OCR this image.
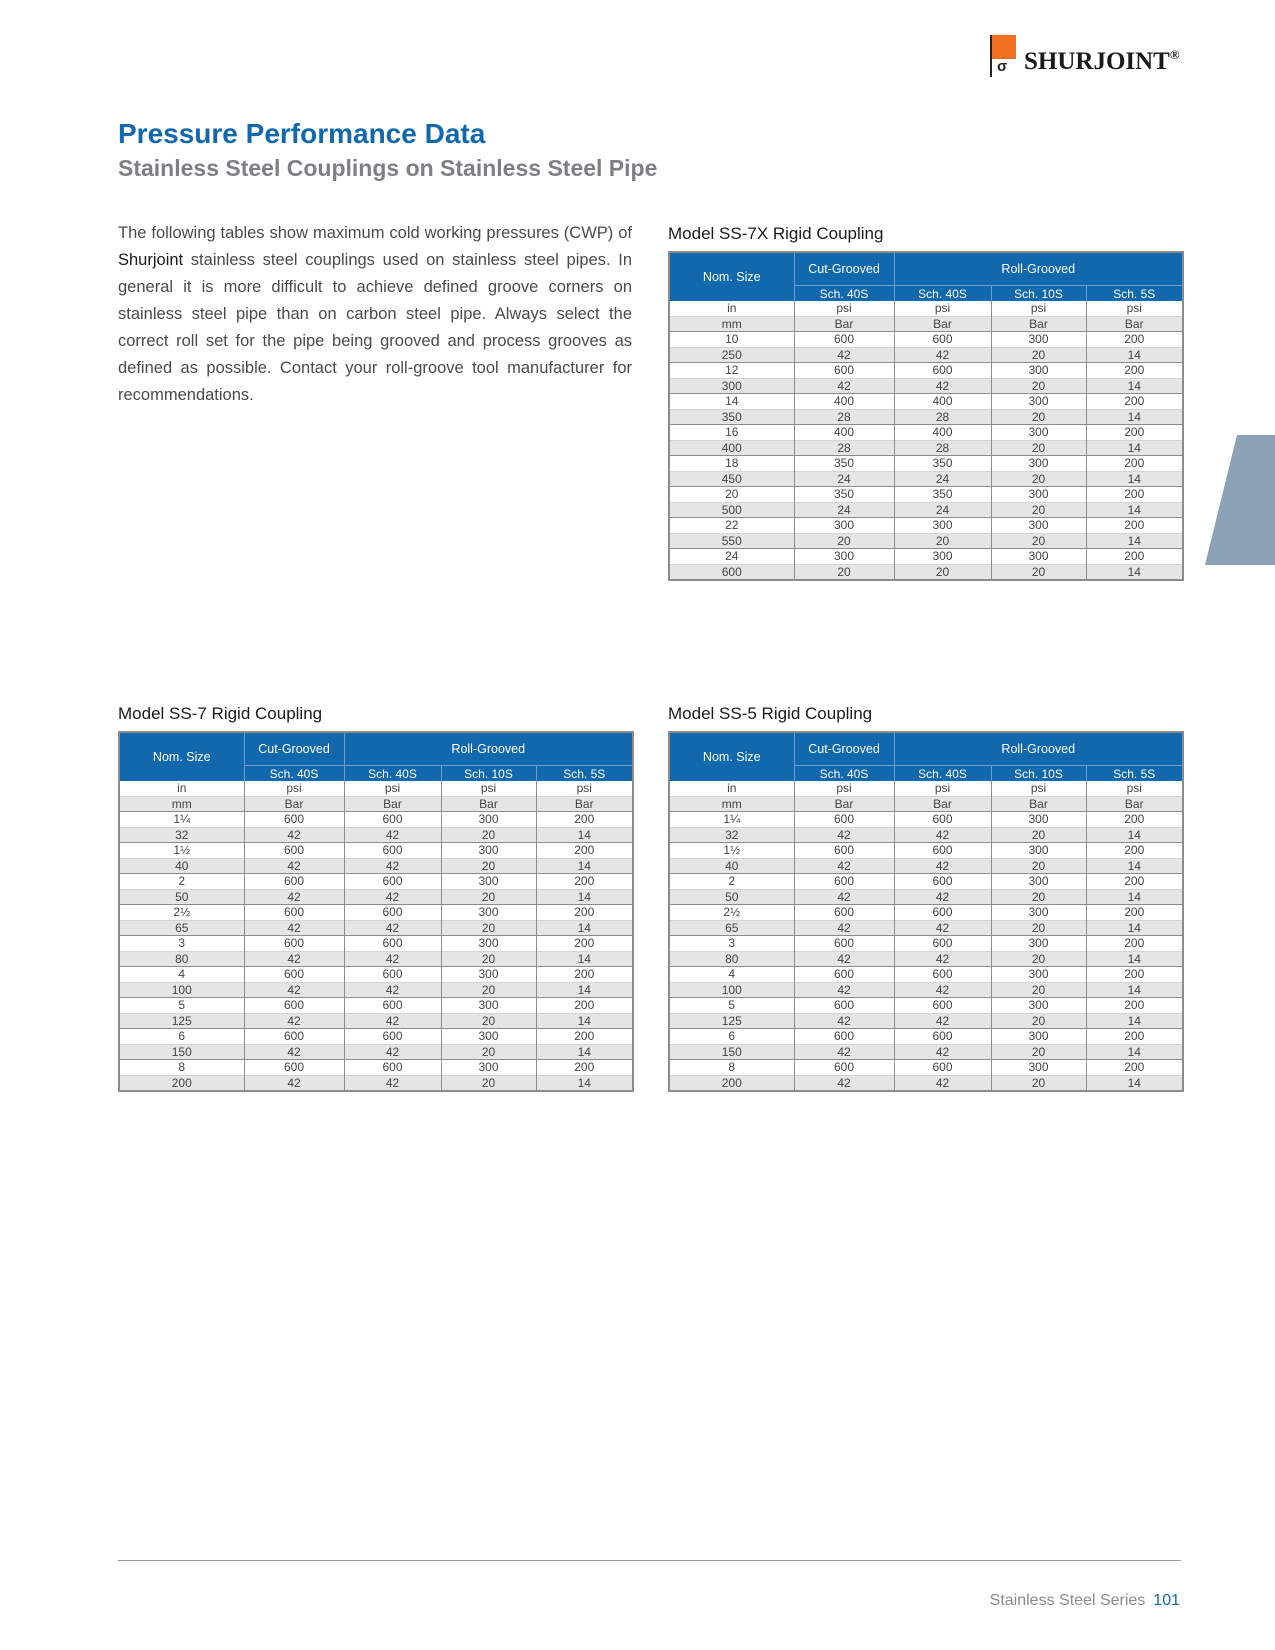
σ SHURJOINT®
Pressure Performance Data
Stainless Steel Couplings on Stainless Steel Pipe

The following tables show maximum cold working pressures (CWP) of Shurjoint stainless steel couplings used on stainless steel pipes. In general it is more difficult to achieve defined groove corners on stainless steel pipe than on carbon steel pipe. Always select the correct roll set for the pipe being grooved and process grooves as defined as possible. Contact your roll-groove tool manufacturer for recommendations.

Model SS-7X Rigid Coupling
Nom. Size	Cut-Grooved	Roll-Grooved		
	Sch. 40S	Sch. 40S	Sch. 10S	Sch. 5S
in	psi	psi	psi	psi
mm	Bar	Bar	Bar	Bar
10	600	600	300	200
250	42	42	20	14
12	600	600	300	200
300	42	42	20	14
14	400	400	300	200
350	28	28	20	14
16	400	400	300	200
400	28	28	20	14
18	350	350	300	200
450	24	24	20	14
20	350	350	300	200
500	24	24	20	14
22	300	300	300	200
550	20	20	20	14
24	300	300	300	200
600	20	20	20	14
Model SS-7 Rigid Coupling
Nom. Size	Cut-Grooved	Roll-Grooved		
	Sch. 40S	Sch. 40S	Sch. 10S	Sch. 5S
in	psi	psi	psi	psi
mm	Bar	Bar	Bar	Bar
1¼	600	600	300	200
32	42	42	20	14
1½	600	600	300	200
40	42	42	20	14
2	600	600	300	200
50	42	42	20	14
2½	600	600	300	200
65	42	42	20	14
3	600	600	300	200
80	42	42	20	14
4	600	600	300	200
100	42	42	20	14
5	600	600	300	200
125	42	42	20	14
6	600	600	300	200
150	42	42	20	14
8	600	600	300	200
200	42	42	20	14
Model SS-5 Rigid Coupling
Nom. Size	Cut-Grooved	Roll-Grooved		
	Sch. 40S	Sch. 40S	Sch. 10S	Sch. 5S
in	psi	psi	psi	psi
mm	Bar	Bar	Bar	Bar
1¼	600	600	300	200
32	42	42	20	14
1½	600	600	300	200
40	42	42	20	14
2	600	600	300	200
50	42	42	20	14
2½	600	600	300	200
65	42	42	20	14
3	600	600	300	200
80	42	42	20	14
4	600	600	300	200
100	42	42	20	14
5	600	600	300	200
125	42	42	20	14
6	600	600	300	200
150	42	42	20	14
8	600	600	300	200
200	42	42	20	14
Stainless Steel Series 101
